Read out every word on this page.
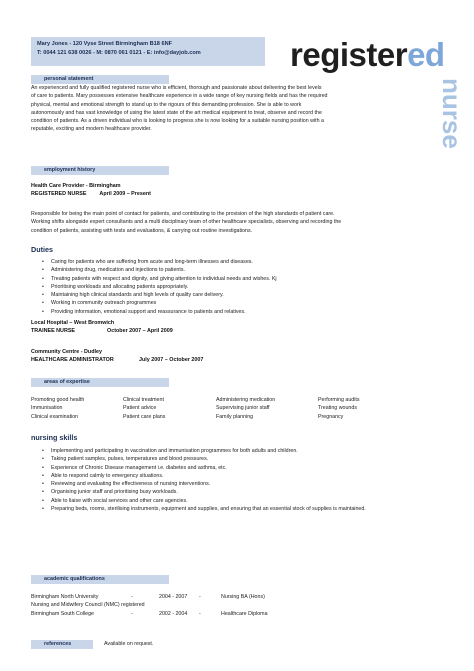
Mary Jones - 120 Vyse Street Birmingham B18 6NF
T: 0044 121 638 0026 - M: 0870 061 0121 - E: info@dayjob.com	registered
nurse
personal statement
An experienced and fully qualified registered nurse who is efficient, thorough and passionate about delivering the best levels
of care to patients. Mary possesses extensive healthcare experience in a wide range of key nursing fields and has the required
physical, mental and emotional strength to stand up to the rigours of this demanding profession. She is able to work
autonomously and has vast knowledge of using the latest state of the art medical equipment to treat, observe and record the
condition of patients. As a driven individual who is looking to progress she is now looking for a suitable nursing position with a
reputable, exciting and modern healthcare provider.
employment history
Health Care Provider - Birmingham
REGISTERED NURSE April 2009 – Present
Responsible for being the main point of contact for patients, and contributing to the provision of the high standards of patient care.
Working shifts alongside expert consultants and a multi disciplinary team of other healthcare specialists, observing and recording the
condition of patients, assisting with tests and evaluations, & carrying out routine investigations.
Duties
• Caring for patients who are suffering from acute and long-term illnesses and diseases.
• Administering drug, medication and injections to patients.
• Treating patients with respect and dignity, and giving attention to individual needs and wishes. Kj
• Prioritising workloads and allocating patients appropriately.
• Maintaining high clinical standards and high levels of quality care delivery.
• Working in community outreach programmes
• Providing information, emotional support and reassurance to patients and relatives.
Local Hospital – West Bromwich
TRAINEE NURSE	October 2007 – April 2009
Community Centre - Dudley
HEALTHCARE ADMINISTRATOR	July 2007 – October 2007
areas of expertise
Promoting good health	Clinical treatment	Administering medication	Performing audits
Immunisation	Patient advice	Supervising junior staff	Treating wounds
Clinical examination	Patient care plans	Family planning	Pregnancy
nursing skills
• Implementing and participating in vaccination and immunisation programmes for both adults and children.
• Taking patient samples, pulses, temperatures and blood pressures.
• Experience of Chronic Disease management i.e. diabetes and asthma, etc.
• Able to respond calmly to emergency situations.
• Reviewing and evaluating the effectiveness of nursing interventions.
• Organising junior staff and prioritising busy workloads.
• Able to liaise with social services and other care agencies.
• Preparing beds, rooms, sterilising instruments, equipment and supplies, and ensuring that an essential stock of supplies is maintained.
academic qualifications
Birmingham North University	-	2004 - 2007	-	Nursing BA (Hons)
Nursing and Midwifery Council (NMC) registered
Birmingham South College	-	2002 - 2004	-	Healthcare Diploma
references	Available on request.
